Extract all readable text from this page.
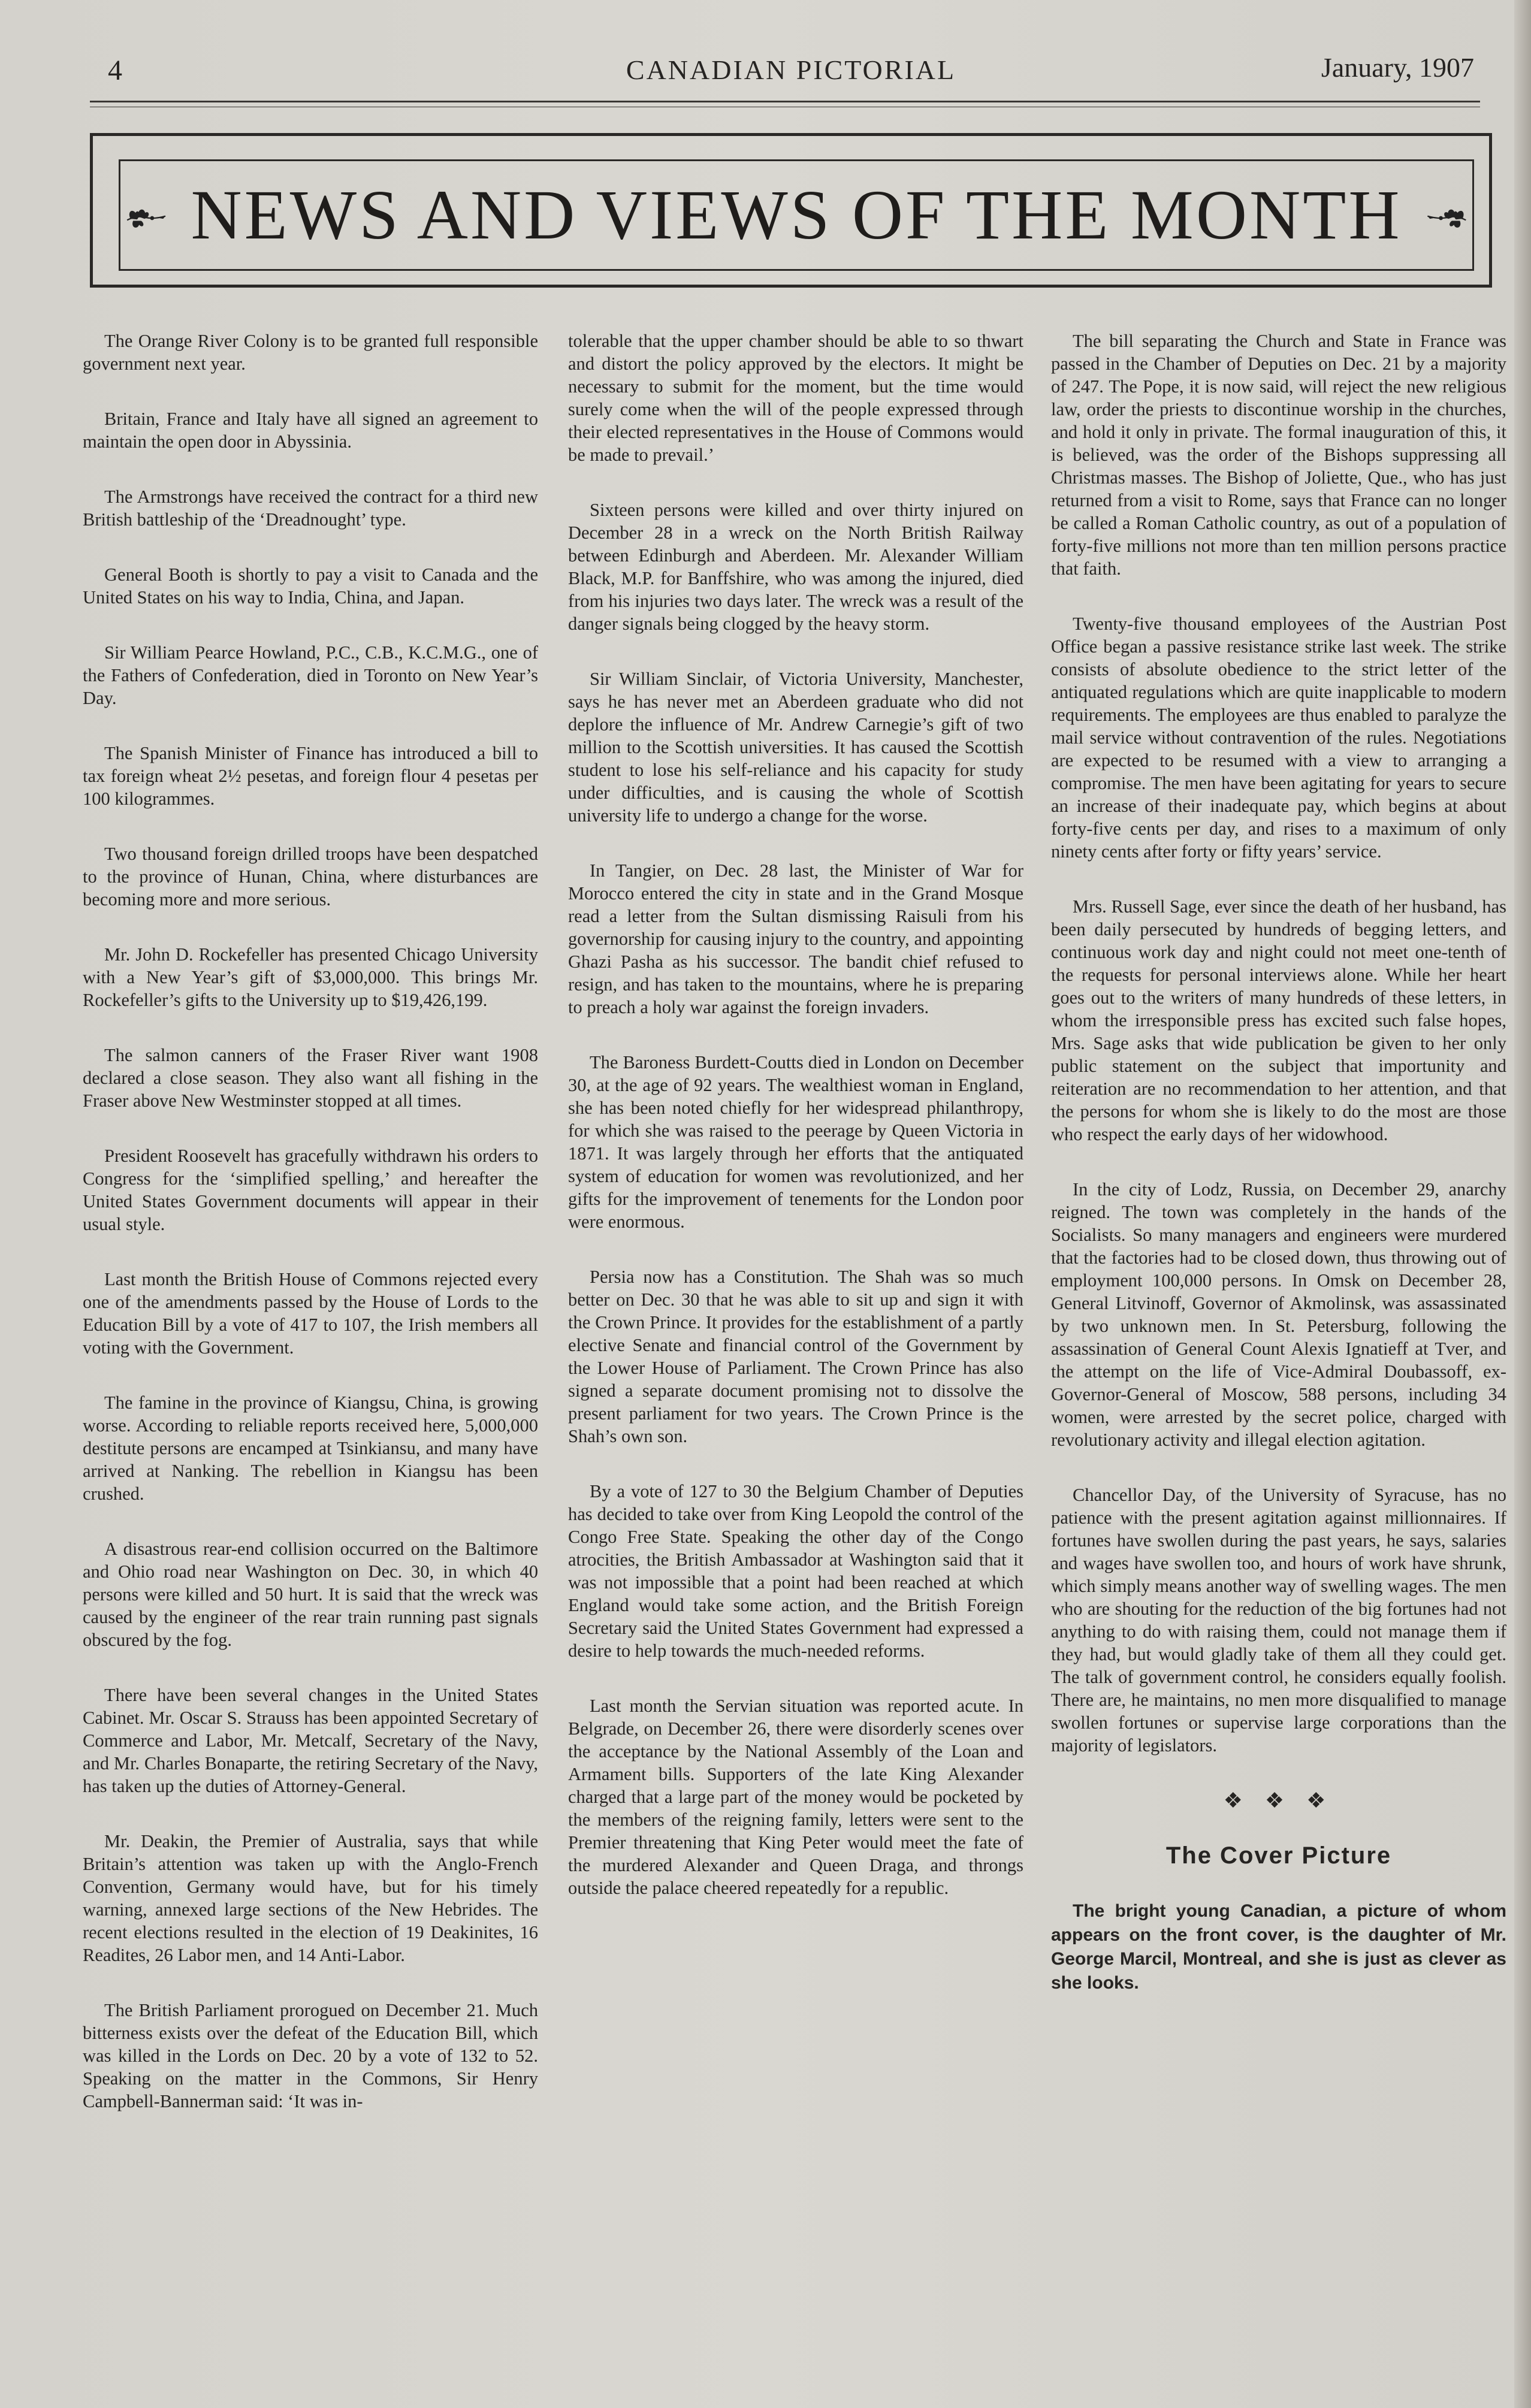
4	CANADIAN PICTORIAL	January, 1907
NEWS AND VIEWS OF THE MONTH

The Orange River Colony is to be granted full responsible government next year.

Britain, France and Italy have all signed an agreement to maintain the open door in Abyssinia.

The Armstrongs have received the contract for a third new British battleship of the ‘Dreadnought’ type.

General Booth is shortly to pay a visit to Canada and the United States on his way to India, China, and Japan.

Sir William Pearce Howland, P.C., C.B., K.C.M.G., one of the Fathers of Confederation, died in Toronto on New Year’s Day.

The Spanish Minister of Finance has introduced a bill to tax foreign wheat 2½ pesetas, and foreign flour 4 pesetas per 100 kilogrammes.

Two thousand foreign drilled troops have been despatched to the province of Hunan, China, where disturbances are becoming more and more serious.

Mr. John D. Rockefeller has presented Chicago University with a New Year’s gift of $3,000,000. This brings Mr. Rockefeller’s gifts to the University up to $19,426,199.

The salmon canners of the Fraser River want 1908 declared a close season. They also want all fishing in the Fraser above New Westminster stopped at all times.

President Roosevelt has gracefully withdrawn his orders to Congress for the ‘simplified spelling,’ and hereafter the United States Government documents will appear in their usual style.

Last month the British House of Commons rejected every one of the amendments passed by the House of Lords to the Education Bill by a vote of 417 to 107, the Irish members all voting with the Government.

The famine in the province of Kiangsu, China, is growing worse. According to reliable reports received here, 5,000,000 destitute persons are encamped at Tsinkiansu, and many have arrived at Nanking. The rebellion in Kiangsu has been crushed.

A disastrous rear-end collision occurred on the Baltimore and Ohio road near Washington on Dec. 30, in which 40 persons were killed and 50 hurt. It is said that the wreck was caused by the engineer of the rear train running past signals obscured by the fog.

There have been several changes in the United States Cabinet. Mr. Oscar S. Strauss has been appointed Secretary of Commerce and Labor, Mr. Metcalf, Secretary of the Navy, and Mr. Charles Bonaparte, the retiring Secretary of the Navy, has taken up the duties of Attorney-General.

Mr. Deakin, the Premier of Australia, says that while Britain’s attention was taken up with the Anglo-French Convention, Germany would have, but for his timely warning, annexed large sections of the New Hebrides. The recent elections resulted in the election of 19 Deakinites, 16 Readites, 26 Labor men, and 14 Anti-Labor.

The British Parliament prorogued on December 21. Much bitterness exists over the defeat of the Education Bill, which was killed in the Lords on Dec. 20 by a vote of 132 to 52. Speaking on the matter in the Commons, Sir Henry Campbell-Bannerman said: ‘It was in-

tolerable that the upper chamber should be able to so thwart and distort the policy approved by the electors. It might be necessary to submit for the moment, but the time would surely come when the will of the people expressed through their elected representatives in the House of Commons would be made to prevail.’

Sixteen persons were killed and over thirty injured on December 28 in a wreck on the North British Railway between Edinburgh and Aberdeen. Mr. Alexander William Black, M.P. for Banffshire, who was among the injured, died from his injuries two days later. The wreck was a result of the danger signals being clogged by the heavy storm.

Sir William Sinclair, of Victoria University, Manchester, says he has never met an Aberdeen graduate who did not deplore the influence of Mr. Andrew Carnegie’s gift of two million to the Scottish universities. It has caused the Scottish student to lose his self-reliance and his capacity for study under difficulties, and is causing the whole of Scottish university life to undergo a change for the worse.

In Tangier, on Dec. 28 last, the Minister of War for Morocco entered the city in state and in the Grand Mosque read a letter from the Sultan dismissing Raisuli from his governorship for causing injury to the country, and appointing Ghazi Pasha as his successor. The bandit chief refused to resign, and has taken to the mountains, where he is preparing to preach a holy war against the foreign invaders.

The Baroness Burdett-Coutts died in London on December 30, at the age of 92 years. The wealthiest woman in England, she has been noted chiefly for her widespread philanthropy, for which she was raised to the peerage by Queen Victoria in 1871. It was largely through her efforts that the antiquated system of education for women was revolutionized, and her gifts for the improvement of tenements for the London poor were enormous.

Persia now has a Constitution. The Shah was so much better on Dec. 30 that he was able to sit up and sign it with the Crown Prince. It provides for the establishment of a partly elective Senate and financial control of the Government by the Lower House of Parliament. The Crown Prince has also signed a separate document promising not to dissolve the present parliament for two years. The Crown Prince is the Shah’s own son.

By a vote of 127 to 30 the Belgium Chamber of Deputies has decided to take over from King Leopold the control of the Congo Free State. Speaking the other day of the Congo atrocities, the British Ambassador at Washington said that it was not impossible that a point had been reached at which England would take some action, and the British Foreign Secretary said the United States Government had expressed a desire to help towards the much-needed reforms.

Last month the Servian situation was reported acute. In Belgrade, on December 26, there were disorderly scenes over the acceptance by the National Assembly of the Loan and Armament bills. Supporters of the late King Alexander charged that a large part of the money would be pocketed by the members of the reigning family, letters were sent to the Premier threatening that King Peter would meet the fate of the murdered Alexander and Queen Draga, and throngs outside the palace cheered repeatedly for a republic.

The bill separating the Church and State in France was passed in the Chamber of Deputies on Dec. 21 by a majority of 247. The Pope, it is now said, will reject the new religious law, order the priests to discontinue worship in the churches, and hold it only in private. The formal inauguration of this, it is believed, was the order of the Bishops suppressing all Christmas masses. The Bishop of Joliette, Que., who has just returned from a visit to Rome, says that France can no longer be called a Roman Catholic country, as out of a population of forty-five millions not more than ten million persons practice that faith.

Twenty-five thousand employees of the Austrian Post Office began a passive resistance strike last week. The strike consists of absolute obedience to the strict letter of the antiquated regulations which are quite inapplicable to modern requirements. The employees are thus enabled to paralyze the mail service without contravention of the rules. Negotiations are expected to be resumed with a view to arranging a compromise. The men have been agitating for years to secure an increase of their inadequate pay, which begins at about forty-five cents per day, and rises to a maximum of only ninety cents after forty or fifty years’ service.

Mrs. Russell Sage, ever since the death of her husband, has been daily persecuted by hundreds of begging letters, and continuous work day and night could not meet one-tenth of the requests for personal interviews alone. While her heart goes out to the writers of many hundreds of these letters, in whom the irresponsible press has excited such false hopes, Mrs. Sage asks that wide publication be given to her only public statement on the subject that importunity and reiteration are no recommendation to her attention, and that the persons for whom she is likely to do the most are those who respect the early days of her widowhood.

In the city of Lodz, Russia, on December 29, anarchy reigned. The town was completely in the hands of the Socialists. So many managers and engineers were murdered that the factories had to be closed down, thus throwing out of employment 100,000 persons. In Omsk on December 28, General Litvinoff, Governor of Akmolinsk, was assassinated by two unknown men. In St. Petersburg, following the assassination of General Count Alexis Ignatieff at Tver, and the attempt on the life of Vice-Admiral Doubassoff, ex-Governor-General of Moscow, 588 persons, including 34 women, were arrested by the secret police, charged with revolutionary activity and illegal election agitation.

Chancellor Day, of the University of Syracuse, has no patience with the present agitation against millionnaires. If fortunes have swollen during the past years, he says, salaries and wages have swollen too, and hours of work have shrunk, which simply means another way of swelling wages. The men who are shouting for the reduction of the big fortunes had not anything to do with raising them, could not manage them if they had, but would gladly take of them all they could get. The talk of government control, he considers equally foolish. There are, he maintains, no men more disqualified to manage swollen fortunes or supervise large corporations than the majority of legislators.

❖ ❖ ❖

The Cover Picture

The bright young Canadian, a picture of whom appears on the front cover, is the daughter of Mr. George Marcil, Montreal, and she is just as clever as she looks.
